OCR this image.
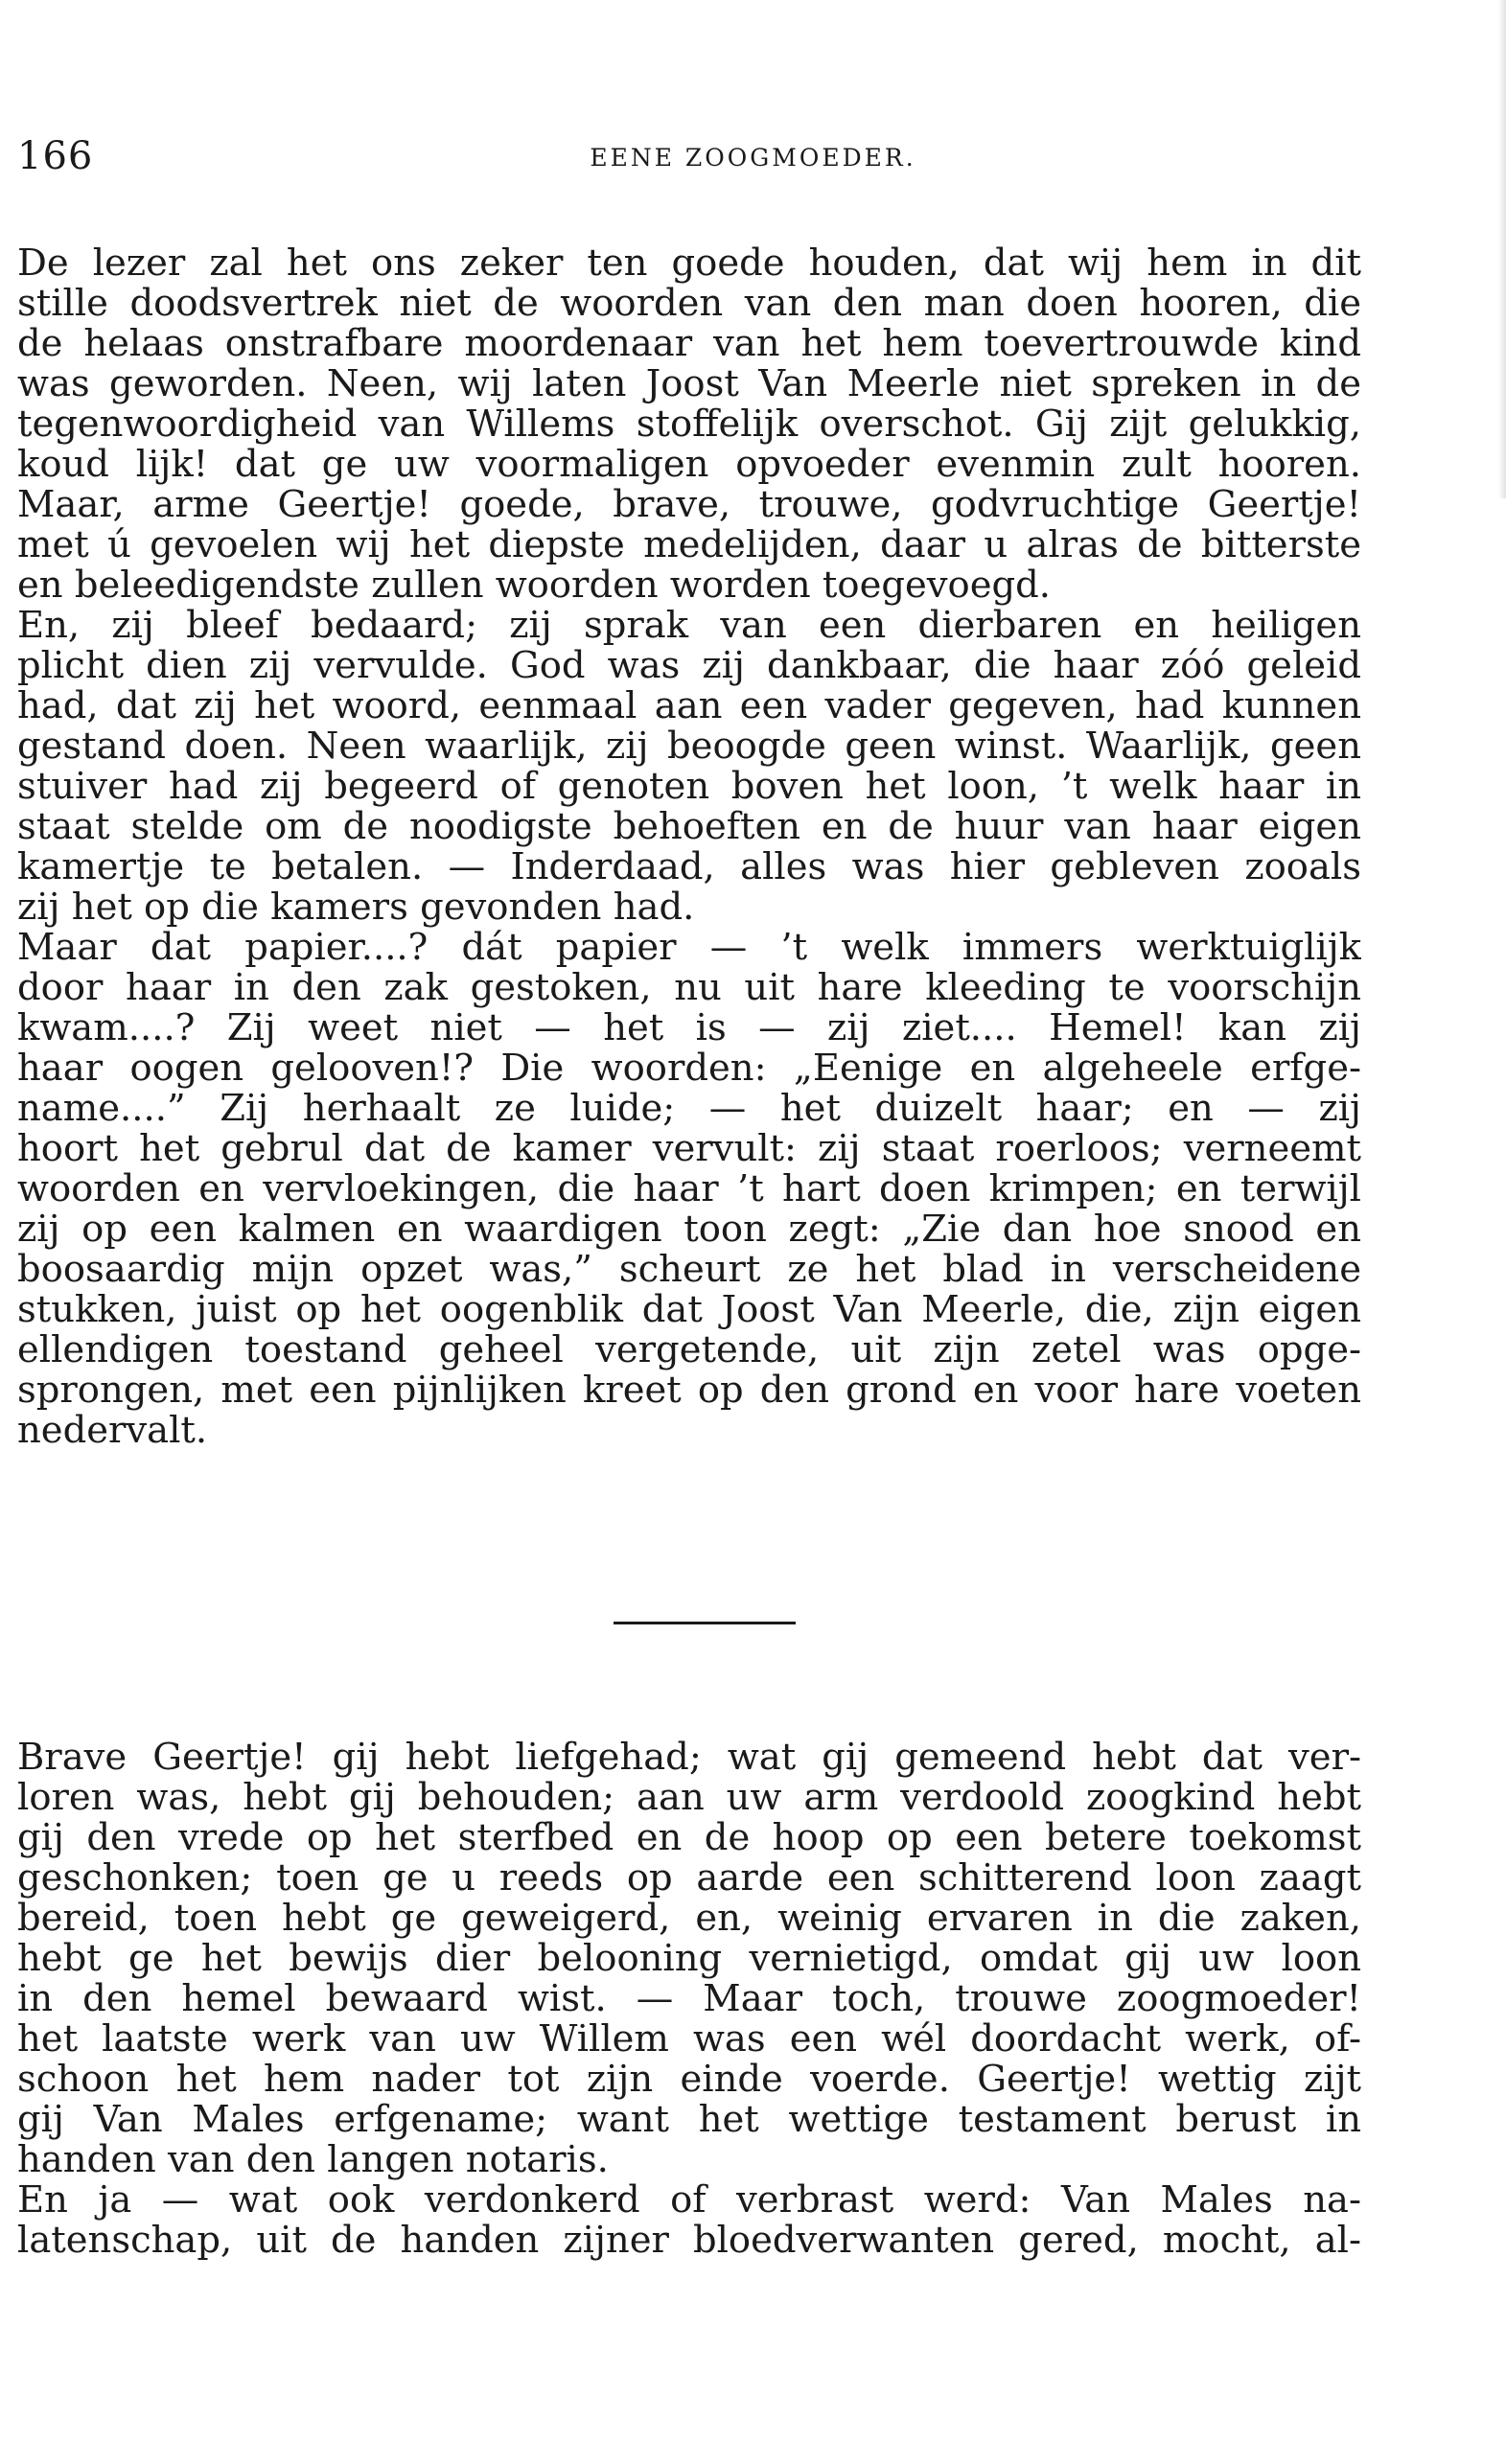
166	EENE ZOOGMOEDER.
De lezer zal het ons zeker ten goede houden, dat wij hem in dit
stille doodsvertrek niet de woorden van den man doen hooren, die
de helaas onstrafbare moordenaar van het hem toevertrouwde kind
was geworden. Neen, wij laten Joost Van Meerle niet spreken in de
tegenwoordigheid van Willems stoffelijk overschot. Gij zijt gelukkig,
koud lijk! dat ge uw voormaligen opvoeder evenmin zult hooren.
Maar, arme Geertje! goede, brave, trouwe, godvruchtige Geertje!
met ú gevoelen wij het diepste medelijden, daar u alras de bitterste
en beleedigendste zullen woorden worden toegevoegd.
En, zij bleef bedaard; zij sprak van een dierbaren en heiligen
plicht dien zij vervulde. God was zij dankbaar, die haar zóó geleid
had, dat zij het woord, eenmaal aan een vader gegeven, had kunnen
gestand doen. Neen waarlijk, zij beoogde geen winst. Waarlijk, geen
stuiver had zij begeerd of genoten boven het loon, ’t welk haar in
staat stelde om de noodigste behoeften en de huur van haar eigen
kamertje te betalen. — Inderdaad, alles was hier gebleven zooals
zij het op die kamers gevonden had.
Maar dat papier....? dát papier — ’t welk immers werktuiglijk
door haar in den zak gestoken, nu uit hare kleeding te voorschijn
kwam....? Zij weet niet — het is — zij ziet.... Hemel! kan zij
haar oogen gelooven!? Die woorden: „Eenige en algeheele erfge-
name....” Zij herhaalt ze luide; — het duizelt haar; en — zij
hoort het gebrul dat de kamer vervult: zij staat roerloos; verneemt
woorden en vervloekingen, die haar ’t hart doen krimpen; en terwijl
zij op een kalmen en waardigen toon zegt: „Zie dan hoe snood en
boosaardig mijn opzet was,” scheurt ze het blad in verscheidene
stukken, juist op het oogenblik dat Joost Van Meerle, die, zijn eigen
ellendigen toestand geheel vergetende, uit zijn zetel was opge-
sprongen, met een pijnlijken kreet op den grond en voor hare voeten
nedervalt.
Brave Geertje! gij hebt liefgehad; wat gij gemeend hebt dat ver-
loren was, hebt gij behouden; aan uw arm verdoold zoogkind hebt
gij den vrede op het sterfbed en de hoop op een betere toekomst
geschonken; toen ge u reeds op aarde een schitterend loon zaagt
bereid, toen hebt ge geweigerd, en, weinig ervaren in die zaken,
hebt ge het bewijs dier belooning vernietigd, omdat gij uw loon
in den hemel bewaard wist. — Maar toch, trouwe zoogmoeder!
het laatste werk van uw Willem was een wél doordacht werk, of-
schoon het hem nader tot zijn einde voerde. Geertje! wettig zijt
gij Van Males erfgename; want het wettige testament berust in
handen van den langen notaris.
En ja — wat ook verdonkerd of verbrast werd: Van Males na-
latenschap, uit de handen zijner bloedverwanten gered, mocht, al-
